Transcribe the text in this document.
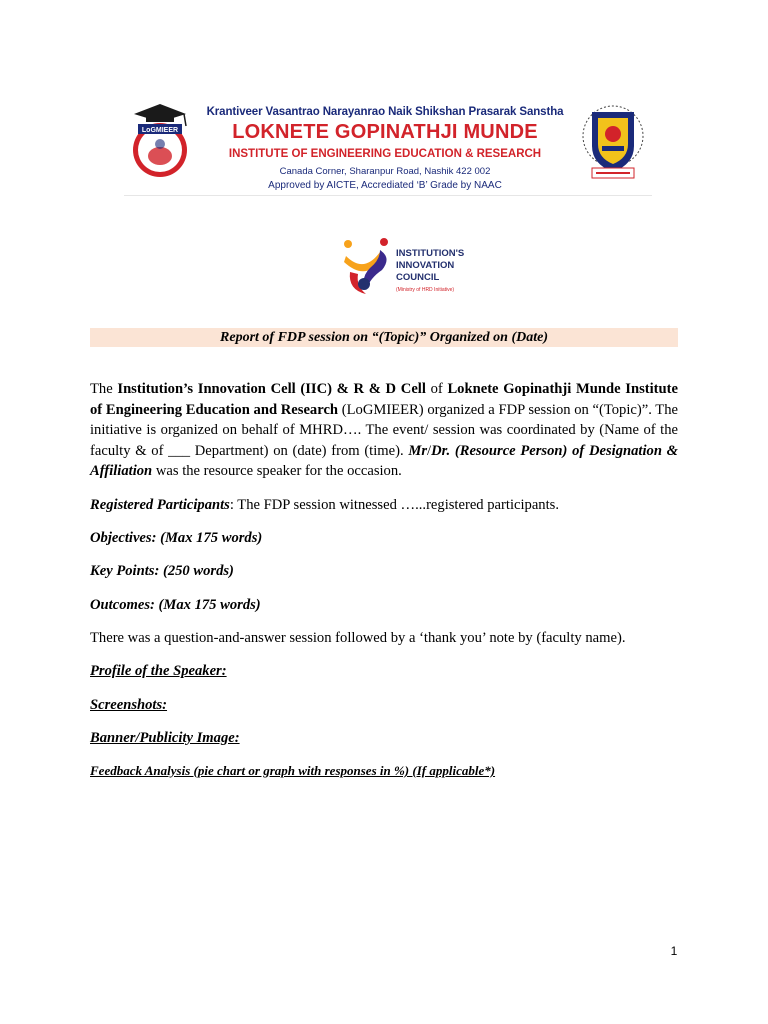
LoGMIEER
Krantiveer Vasantrao Narayanrao Naik Shikshan Prasarak Sanstha
LOKNETE GOPINATHJI MUNDE
INSTITUTE OF ENGINEERING EDUCATION & RESEARCH
Canada Corner, Sharanpur Road, Nashik 422 002
Approved by AICTE, Accrediated ‘B’ Grade by NAAC
INSTITUTION'S
INNOVATION
COUNCIL
(Ministry of HRD Initiative)
Report of FDP session on “(Topic)” Organized on (Date)
The Institution’s Innovation Cell (IIC) & R & D Cell of Loknete Gopinathji Munde Institute of Engineering Education and Research (LoGMIEER) organized a FDP session on “(Topic)”. The initiative is organized on behalf of MHRD…. The event/ session was coordinated by (Name of the faculty & of ___ Department) on (date) from (time). Mr/Dr. (Resource Person) of Designation & Affiliation was the resource speaker for the occasion.
Registered Participants: The FDP session witnessed …...registered participants.
Objectives: (Max 175 words)
Key Points: (250 words)
Outcomes: (Max 175 words)
There was a question-and-answer session followed by a ‘thank you’ note by (faculty name).
Profile of the Speaker:
Screenshots:
Banner/Publicity Image:
Feedback Analysis (pie chart or graph with responses in %) (If applicable*)
1
